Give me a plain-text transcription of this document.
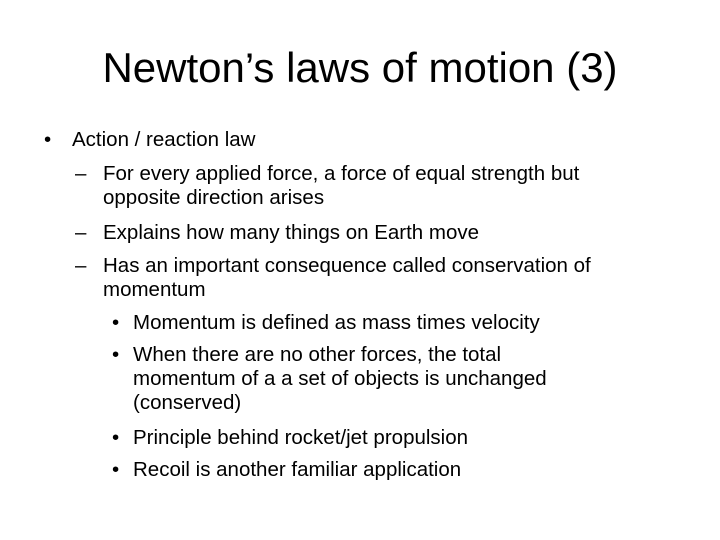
Newton’s laws of motion (3)
• Action / reaction law
– For every applied force, a force of equal strength but
opposite direction arises
– Explains how many things on Earth move
– Has an important consequence called conservation of
momentum
• Momentum is defined as mass times velocity
• When there are no other forces, the total
momentum of a a set of objects is unchanged
(conserved)
• Principle behind rocket/jet propulsion
• Recoil is another familiar application
